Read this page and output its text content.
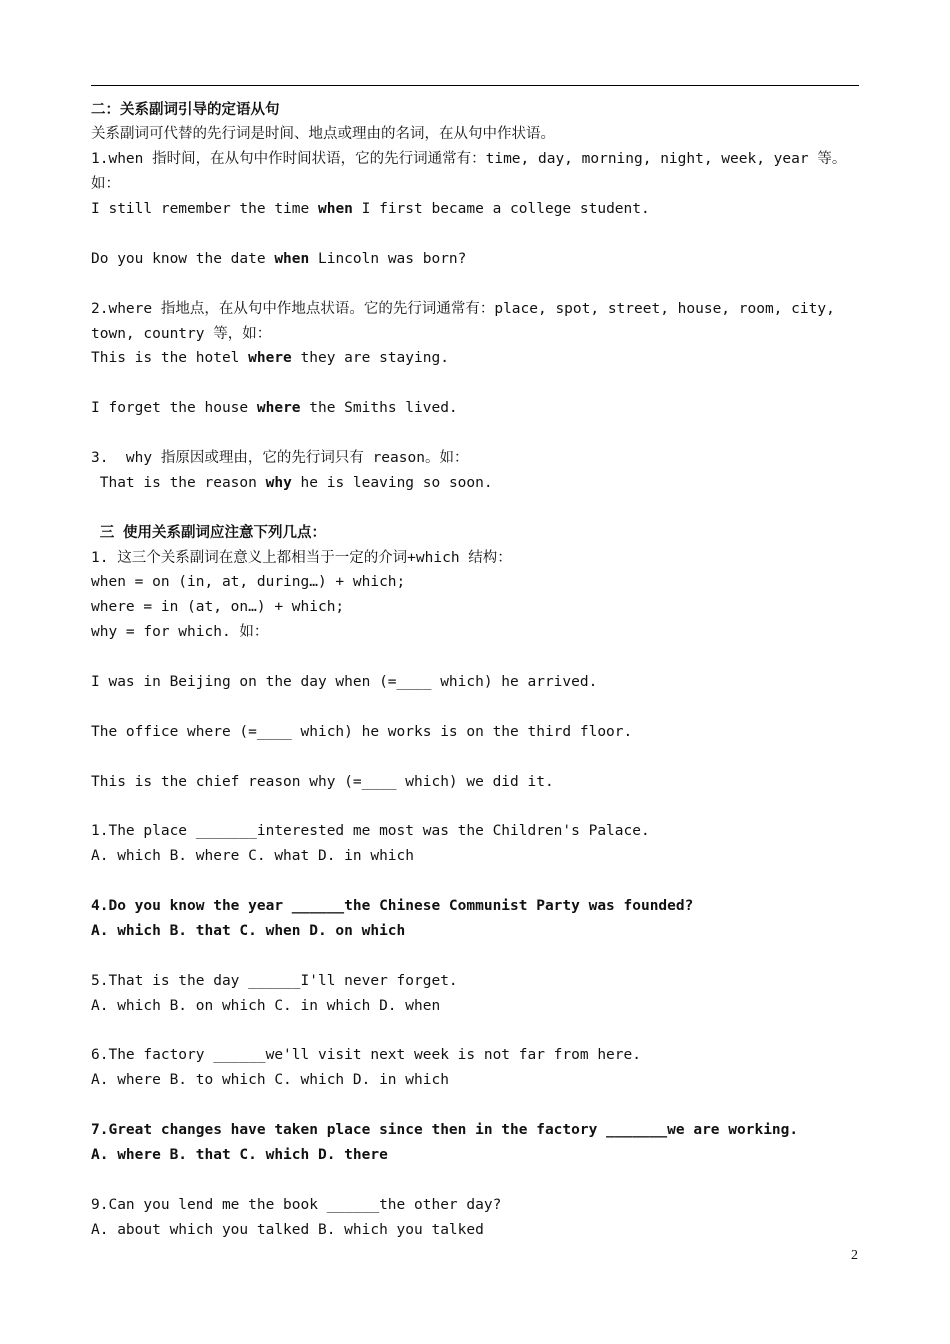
二：关系副词引导的定语从句
关系副词可代替的先行词是时间、地点或理由的名词，在从句中作状语。
1.when 指时间，在从句中作时间状语，它的先行词通常有：time, day, morning, night, week, year 等。
如：
I still remember the time when I first became a college student.
Do you know the date when Lincoln was born?
2.where 指地点，在从句中作地点状语。它的先行词通常有：place, spot, street, house, room, city,
town, country 等，如：
This is the hotel where they are staying.
I forget the house where the Smiths lived.
3.  why 指原因或理由，它的先行词只有 reason。如：
That is the reason why he is leaving so soon.
三 使用关系副词应注意下列几点：
1. 这三个关系副词在意义上都相当于一定的介词+which 结构：
when = on (in, at, during…) + which;
where = in (at, on…) + which;
why = for which. 如：
I was in Beijing on the day when (=____ which) he arrived.
The office where (=____ which) he works is on the third floor.
This is the chief reason why (=____ which) we did it.
1.The place _______interested me most was the Children's Palace.
A. which B. where C. what D. in which
4.Do you know the year ______the Chinese Communist Party was founded?
A. which B. that C. when D. on which
5.That is the day ______I'll never forget.
A. which B. on which C. in which D. when
6.The factory ______we'll visit next week is not far from here.
A. where B. to which C. which D. in which
7.Great changes have taken place since then in the factory _______we are working.
A. where B. that C. which D. there
9.Can you lend me the book ______the other day?
A. about which you talked B. which you talked
2
